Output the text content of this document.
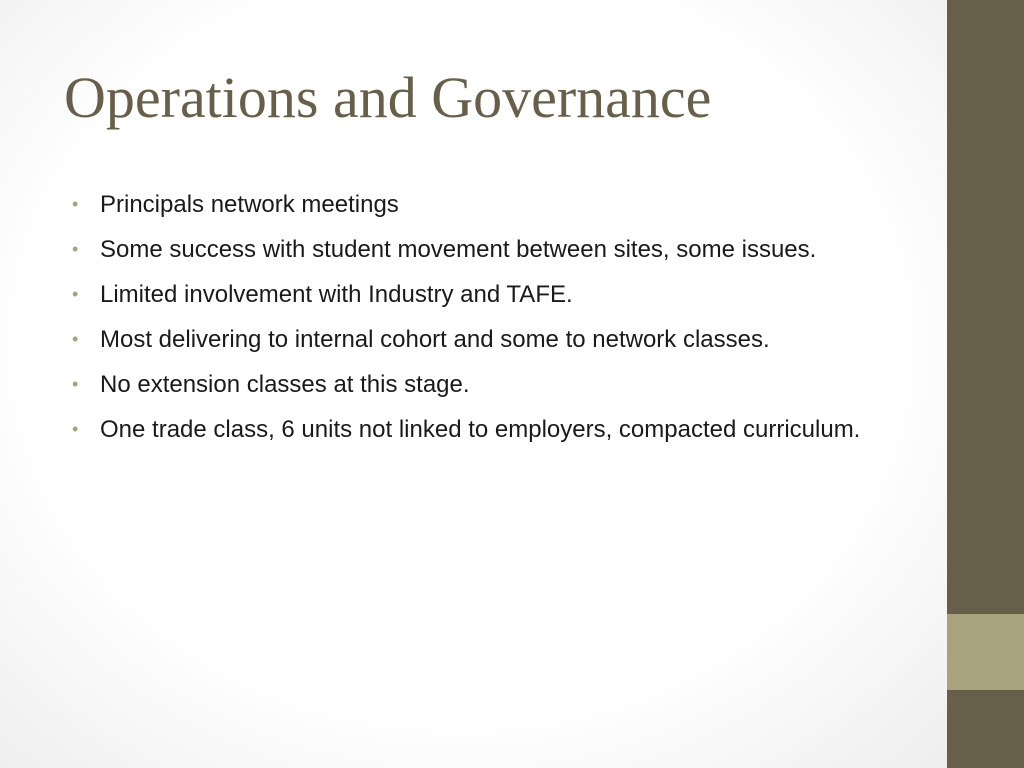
Operations and Governance
• Principals network meetings
• Some success with student movement between sites, some issues.
• Limited involvement with Industry and TAFE.
• Most delivering to internal cohort and some to network classes.
• No extension classes at this stage.
• One trade class, 6 units not linked to employers, compacted curriculum.
